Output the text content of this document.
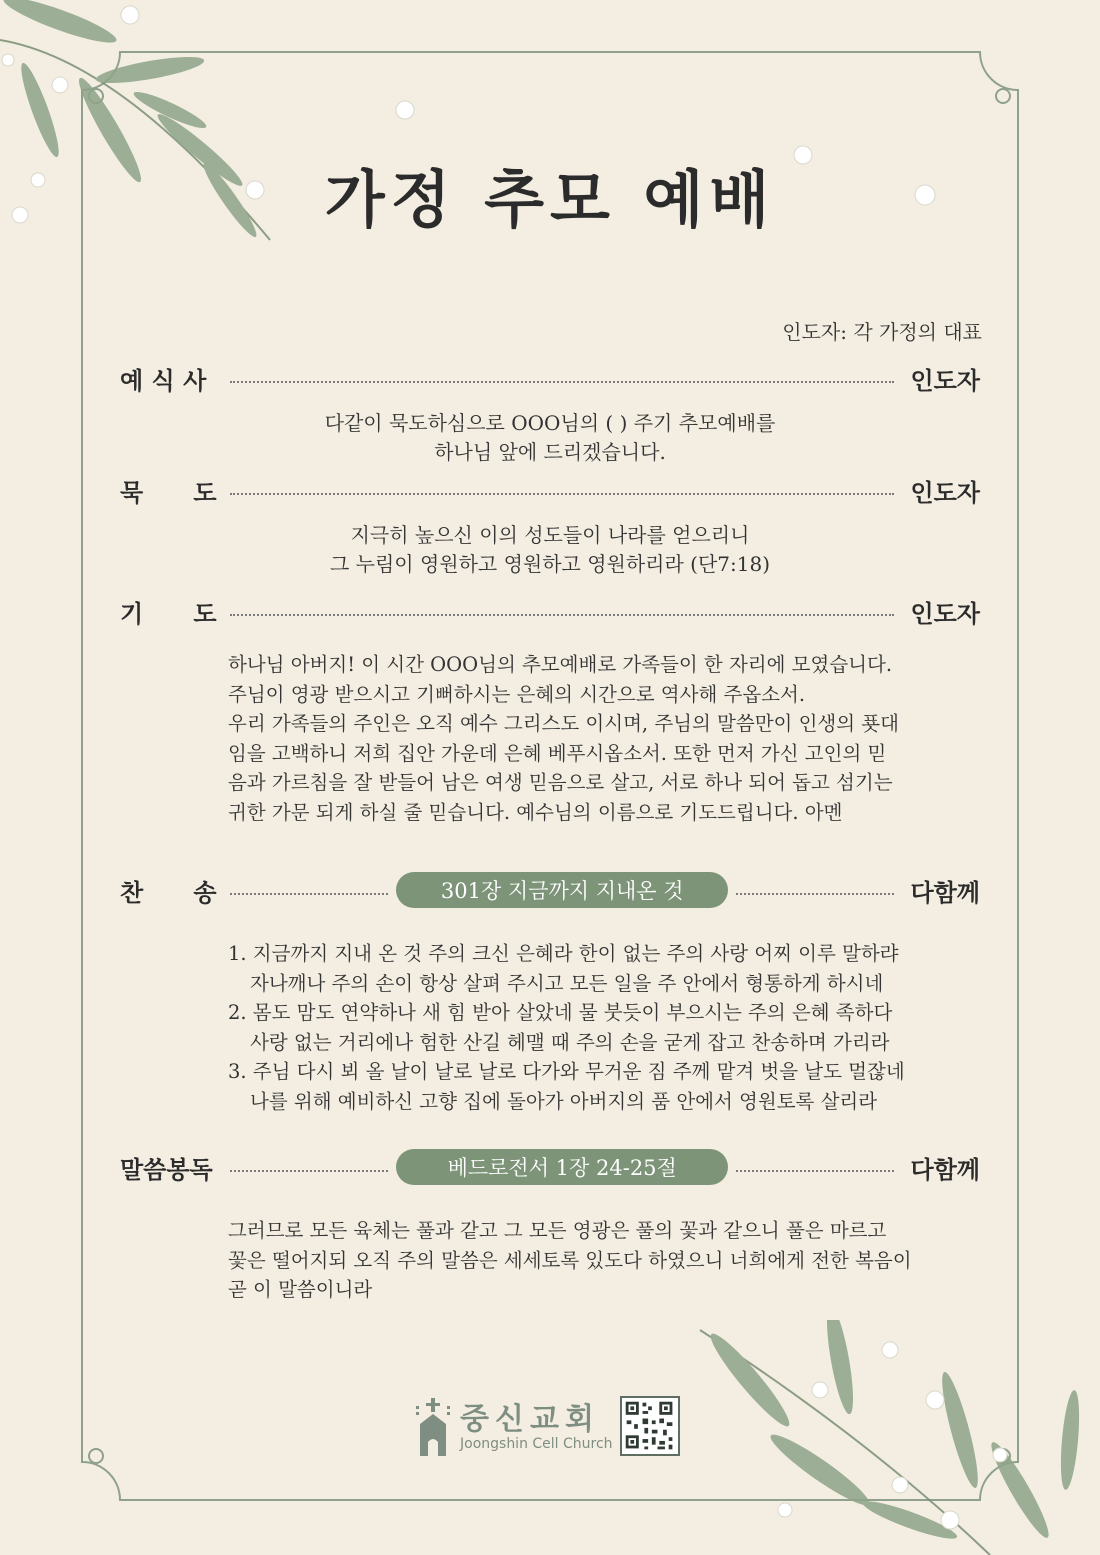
가정 추모 예배
인도자: 각 가정의 대표
예 식 사	인도자
다같이 묵도하심으로 OOO님의 ( ) 주기 추모예배를
하나님 앞에 드리겠습니다.
묵      도	인도자
지극히 높으신 이의 성도들이 나라를 얻으리니
그 누림이 영원하고 영원하고 영원하리라 (단7:18)
기      도	인도자

하나님 아버지! 이 시간 OOO님의 추모예배로 가족들이 한 자리에 모였습니다.

주님이 영광 받으시고 기뻐하시는 은혜의 시간으로 역사해 주옵소서.

우리 가족들의 주인은 오직 예수 그리스도 이시며, 주님의 말씀만이 인생의 푯대

임을 고백하니 저희 집안 가운데 은혜 베푸시옵소서. 또한 먼저 가신 고인의 믿

음과 가르침을 잘 받들어 남은 여생 믿음으로 살고, 서로 하나 되어 돕고 섬기는

귀한 가문 되게 하실 줄 믿습니다. 예수님의 이름으로 기도드립니다. 아멘

찬      송	301장 지금까지 지내온 것	다함께

1. 지금까지 지내 온 것 주의 크신 은혜라 한이 없는 주의 사랑 어찌 이루 말하랴

자나깨나 주의 손이 항상 살펴 주시고 모든 일을 주 안에서 형통하게 하시네

2. 몸도 맘도 연약하나 새 힘 받아 살았네 물 붓듯이 부으시는 주의 은혜 족하다

사랑 없는 거리에나 험한 산길 헤맬 때 주의 손을 굳게 잡고 찬송하며 가리라

3. 주님 다시 뵈 올 날이 날로 날로 다가와 무거운 짐 주께 맡겨 벗을 날도 멀잖네

나를 위해 예비하신 고향 집에 돌아가 아버지의 품 안에서 영원토록 살리라

말씀봉독	베드로전서 1장 24-25절	다함께

그러므로 모든 육체는 풀과 같고 그 모든 영광은 풀의 꽃과 같으니 풀은 마르고

꽃은 떨어지되 오직 주의 말씀은 세세토록 있도다 하였으니 너희에게 전한 복음이

곧 이 말씀이니라

중신교회
Joongshin Cell Church
